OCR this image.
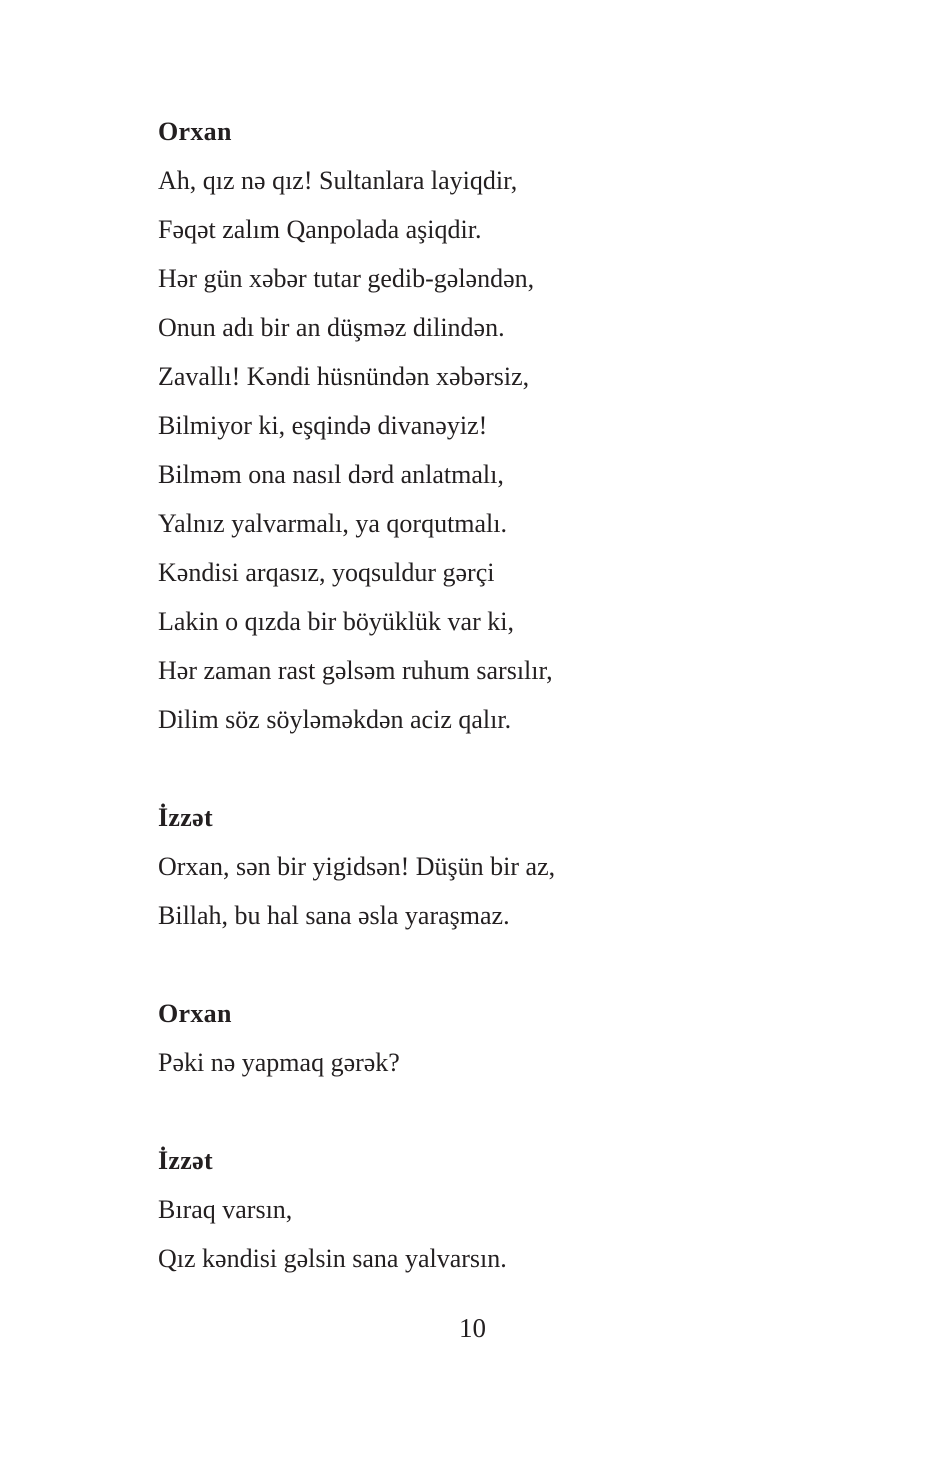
Orxan
Ah, qız nə qız! Sultanlara layiqdir,
Fəqət zalım Qanpolada aşiqdir.
Hər gün xəbər tutar gedib-gələndən,
Onun adı bir an düşməz dilindən.
Zavallı! Kəndi hüsnündən xəbərsiz,
Bilmiyor ki, eşqində divanəyiz!
Bilməm ona nasıl dərd anlatmalı,
Yalnız yalvarmalı, ya qorqutmalı.
Kəndisi arqasız, yoqsuldur gərçi
Lakin o qızda bir böyüklük var ki,
Hər zaman rast gəlsəm ruhum sarsılır,
Dilim söz söyləməkdən aciz qalır.
İzzət
Orxan, sən bir yigidsən! Düşün bir az,
Billah, bu hal sana əsla yaraşmaz.
Orxan
Pəki nə yapmaq gərək?
İzzət
Bıraq varsın,
Qız kəndisi gəlsin sana yalvarsın.
10
